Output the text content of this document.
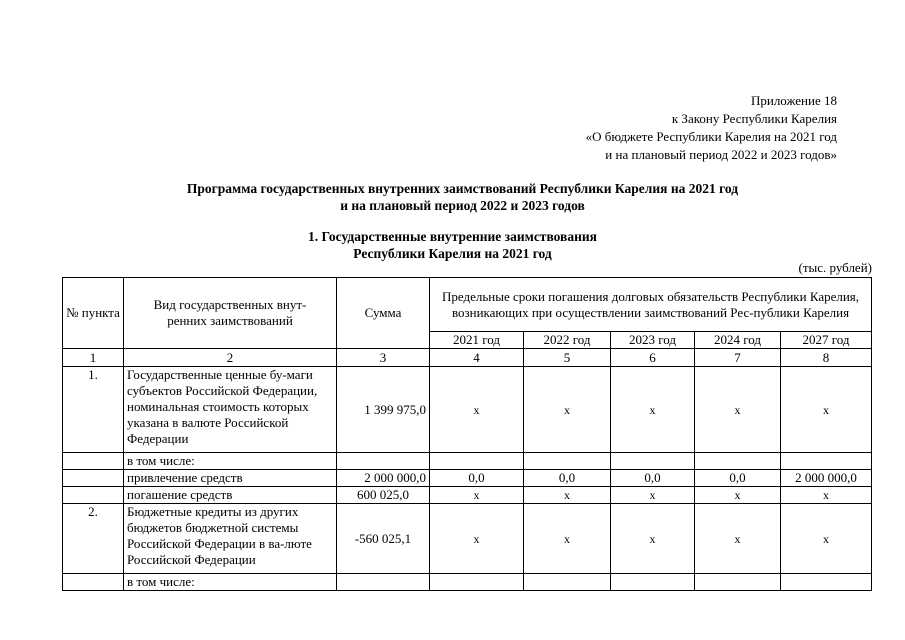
Приложение 18
к Закону Республики Карелия
«О бюджете Республики Карелия на 2021 год
и на плановый период 2022 и 2023 годов»
Программа государственных внутренних заимствований Республики Карелия на 2021 год
и на плановый период 2022 и 2023 годов
1. Государственные внутренние заимствования
Республики Карелия на 2021 год
(тыс. рублей)
№ пункта	Вид государственных внут-ренних заимствований	Сумма	Предельные сроки погашения долговых обязательств Республики Карелия, возникающих при осуществлении заимствований Рес-публики Карелия				
			2021 год	2022 год	2023 год	2024 год	2027 год
1	2	3	4	5	6	7	8
1.	Государственные ценные бу-маги субъектов Российской Федерации, номинальная стоимость которых указана в валюте Российской Федерации	1 399 975,0	х	х	х	х	х
	в том числе:						
	привлечение средств	2 000 000,0	0,0	0,0	0,0	0,0	2 000 000,0
	погашение средств	600 025,0	х	х	х	х	х
2.	Бюджетные кредиты из других бюджетов бюджетной системы Российской Федерации в ва-люте Российской Федерации	-560 025,1	х	х	х	х	х
	в том числе:						
